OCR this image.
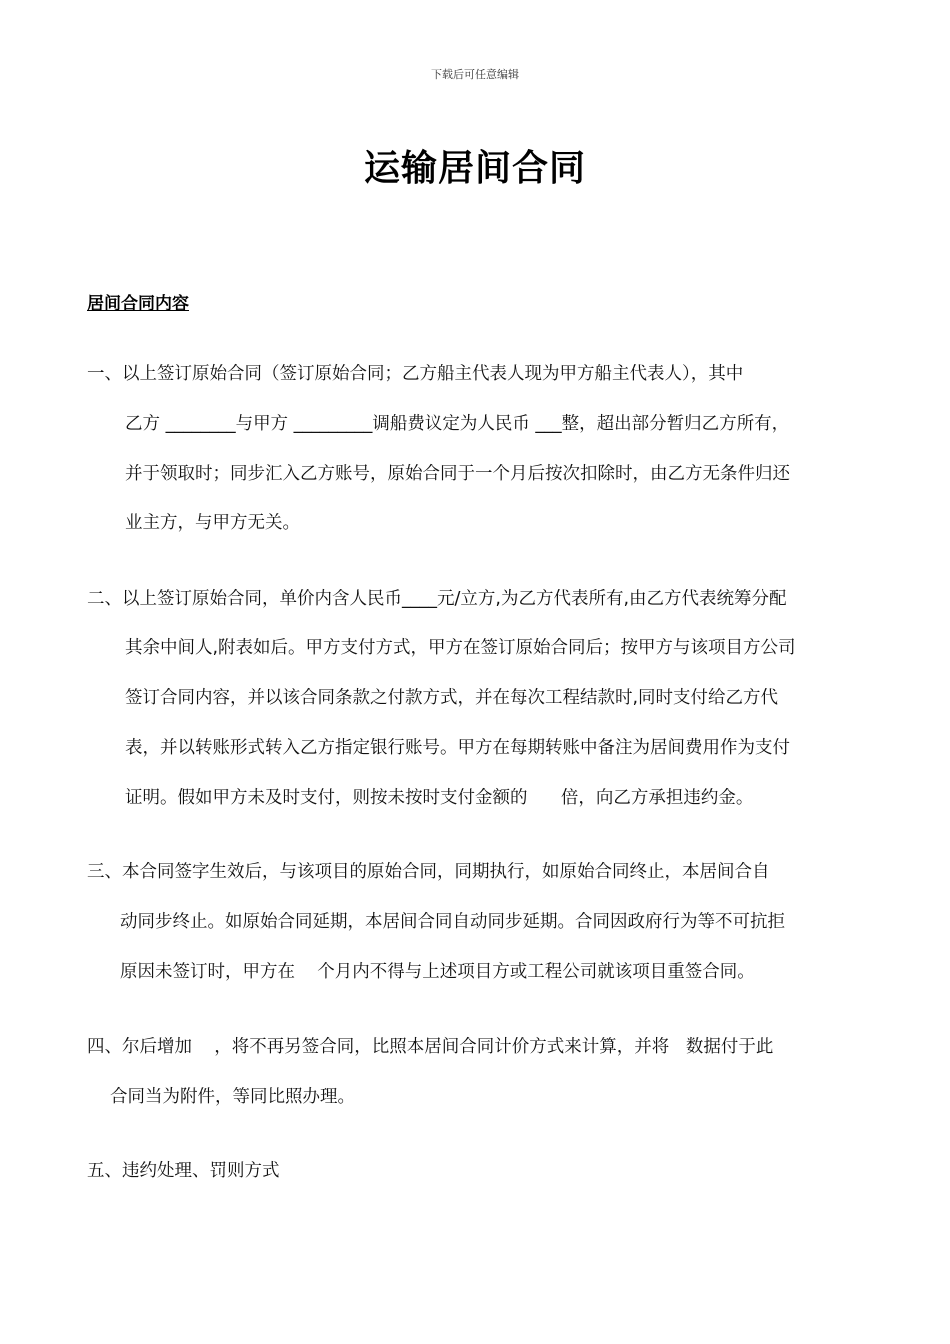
下载后可任意编辑
运输居间合同
居间合同内容
一、以上签订原始合同（签订原始合同；乙方船主代表人现为甲方船主代表人），其中
乙方 ________与甲方 _________调船费议定为人民币 ___整，超出部分暂归乙方所有，
并于领取时；同步汇入乙方账号，原始合同于一个月后按次扣除时，由乙方无条件归还
业主方，与甲方无关。
二、以上签订原始合同，单价内含人民币____元/立方,为乙方代表所有,由乙方代表统筹分配
其余中间人,附表如后。甲方支付方式，甲方在签订原始合同后；按甲方与该项目方公司
签订合同内容，并以该合同条款之付款方式，并在每次工程结款时,同时支付给乙方代
表，并以转账形式转入乙方指定银行账号。甲方在每期转账中备注为居间费用作为支付
证明。假如甲方未及时支付，则按未按时支付金额的      倍，向乙方承担违约金。
三、本合同签字生效后，与该项目的原始合同，同期执行，如原始合同终止，本居间合自
动同步终止。如原始合同延期，本居间合同自动同步延期。合同因政府行为等不可抗拒
原因未签订时，甲方在    个月内不得与上述项目方或工程公司就该项目重签合同。
四、尔后增加    ，将不再另签合同，比照本居间合同计价方式来计算，并将   数据付于此
合同当为附件，等同比照办理。
五、违约处理、罚则方式
